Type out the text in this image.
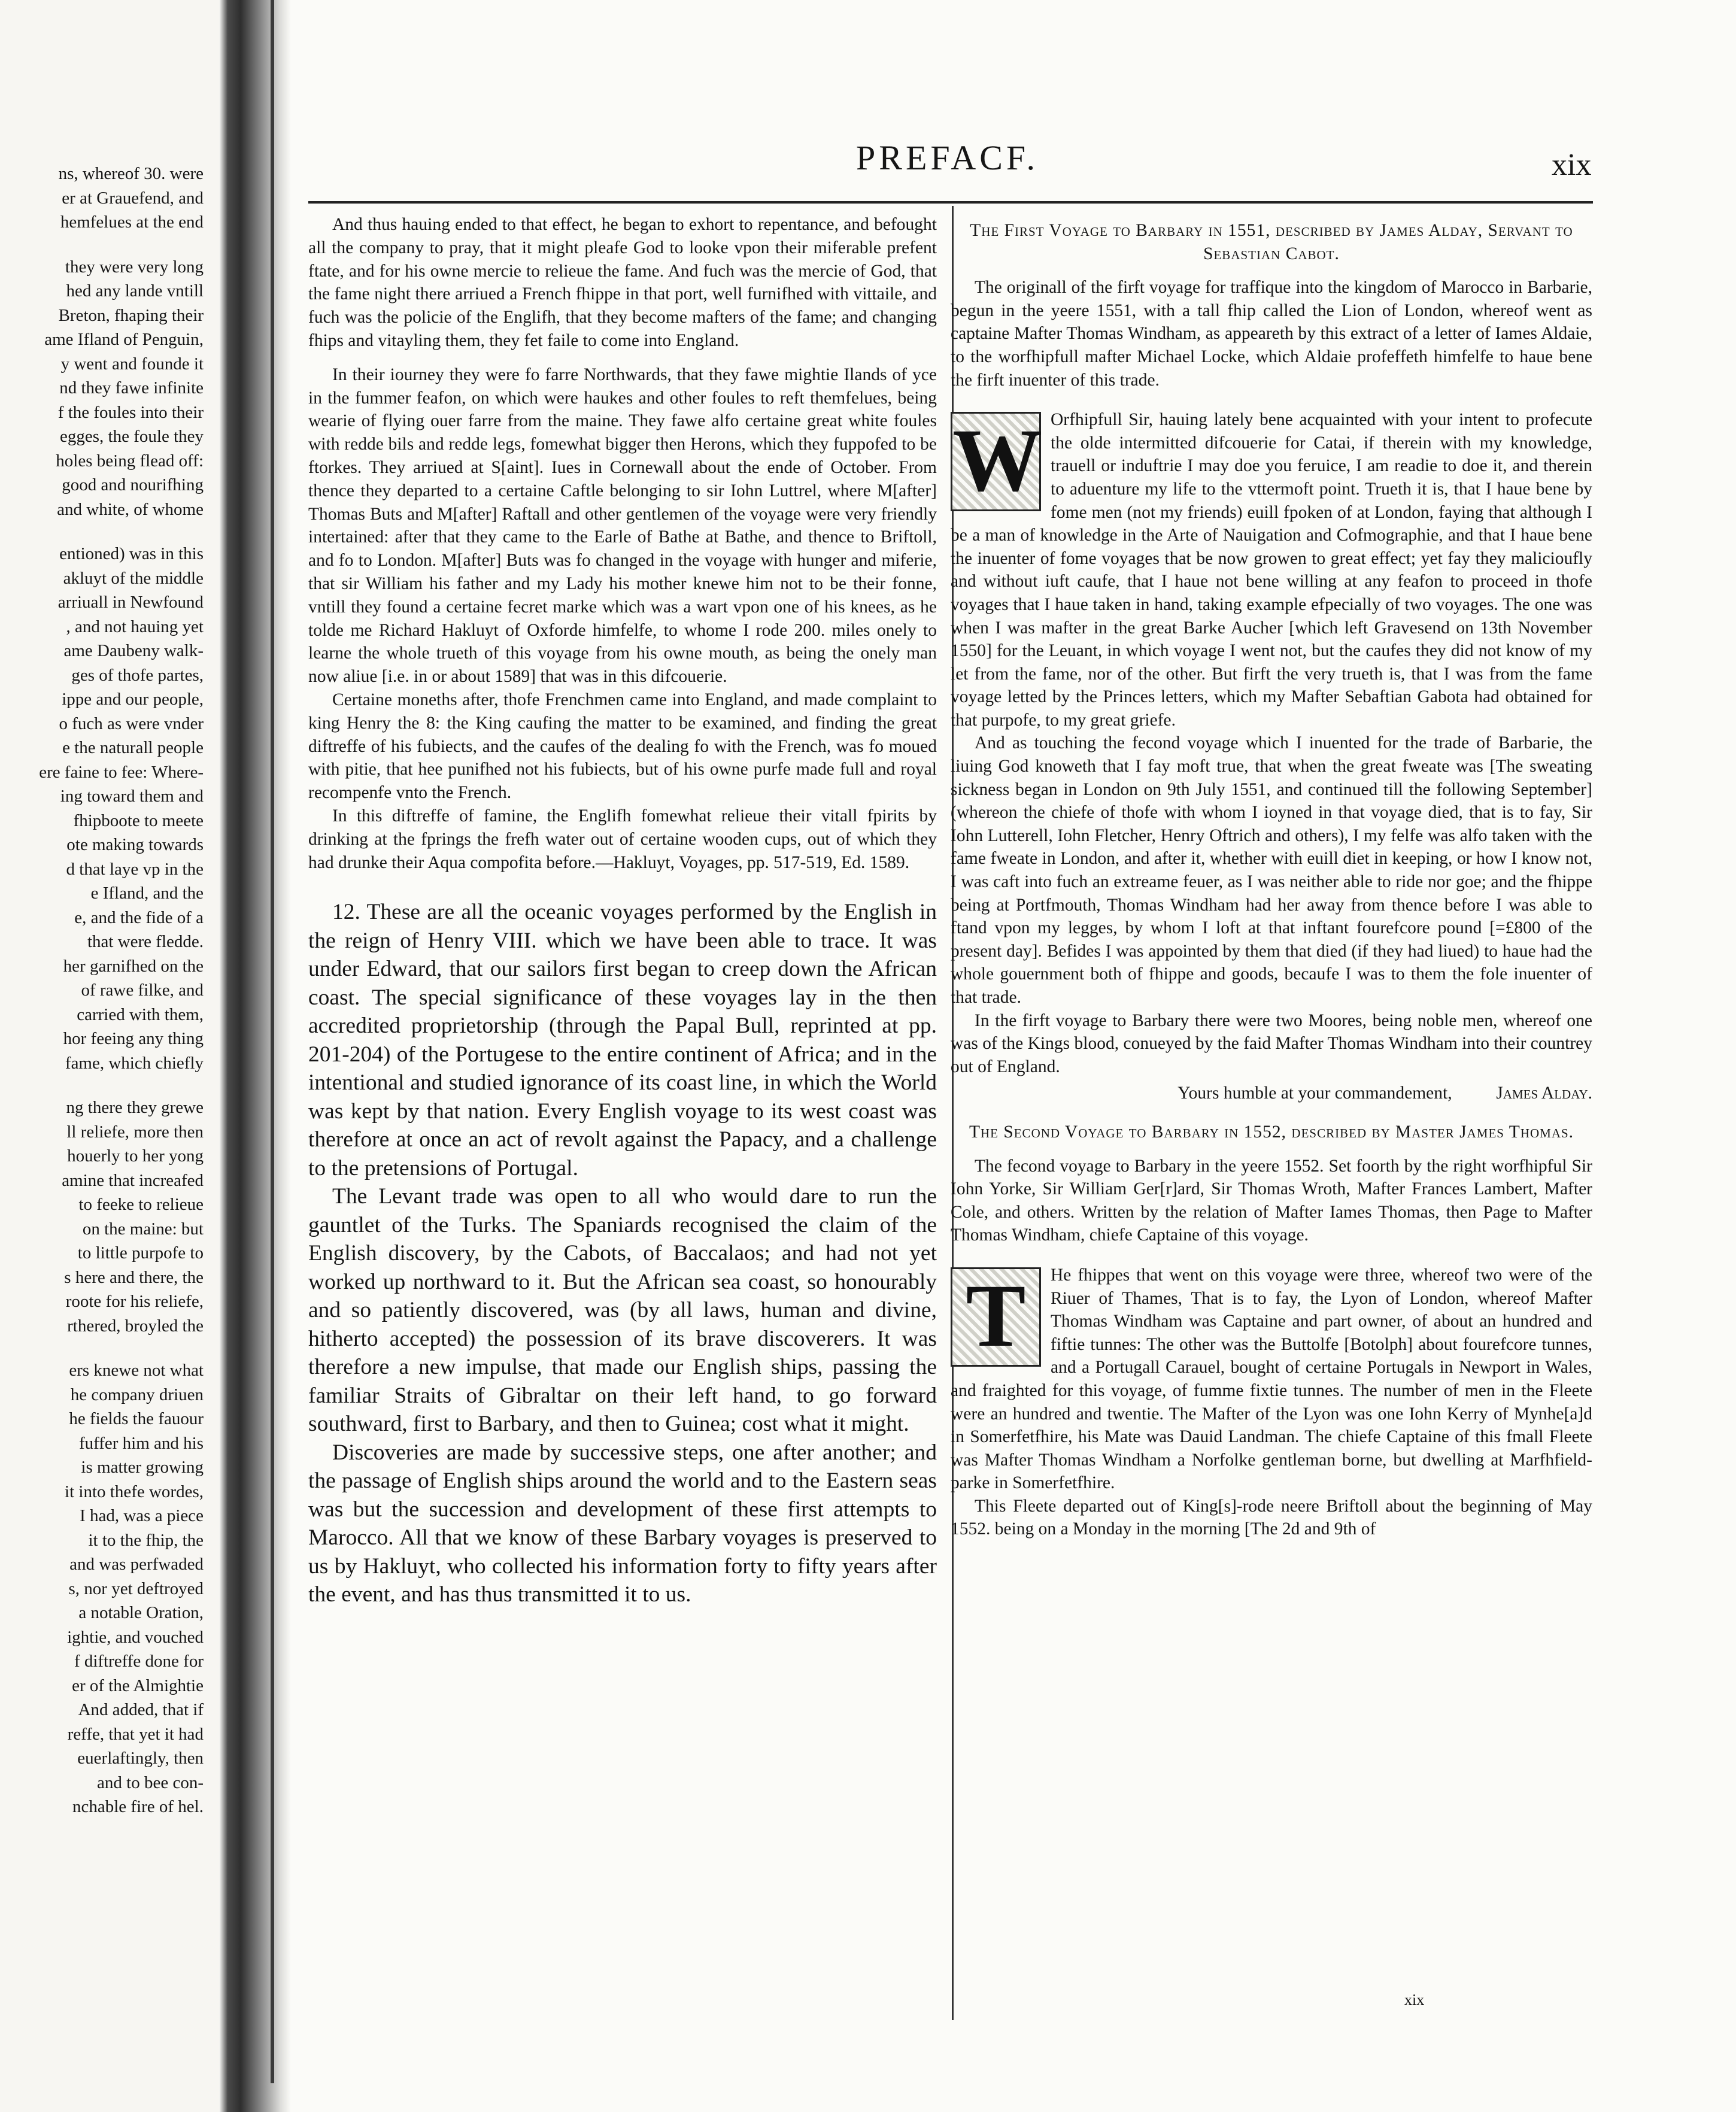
ns, whereof 30. were
er at Grauefend, and
hemfelues at the end
they were very long
hed any lande vntill
Breton, fhaping their
ame Ifland of Penguin,
y went and founde it
nd they fawe infinite
f the foules into their
egges, the foule they
holes being flead off:
good and nourifhing
and white, of whome
entioned) was in this
akluyt of the middle
arriuall in Newfound
, and not hauing yet
ame Daubeny walk-
ges of thofe partes,
ippe and our people,
o fuch as were vnder
e the naturall people
ere faine to fee: Where-
ing toward them and
fhipboote to meete
ote making towards
d that laye vp in the
e Ifland, and the
e, and the fide of a
that were fledde.
her garnifhed on the
of rawe filke, and
carried with them,
hor feeing any thing
fame, which chiefly
ng there they grewe
ll reliefe, more then
houerly to her yong
amine that increafed
to feeke to relieue
on the maine: but
to little purpofe to
s here and there, the
roote for his reliefe,
rthered, broyled the
ers knewe not what
he company driuen
he fields the fauour
fuffer him and his
is matter growing
it into thefe wordes,
I had, was a piece
it to the fhip, the
and was perfwaded
s, nor yet deftroyed
a notable Oration,
ightie, and vouched
f diftreffe done for
er of the Almightie
And added, that if
reffe, that yet it had
euerlaftingly, then
and to bee con-
nchable fire of hel.
PREFACF.	xix

And thus hauing ended to that effect, he began to exhort to repentance, and befought all the company to pray, that it might pleafe God to looke vpon their miferable prefent ftate, and for his owne mercie to relieue the fame. And fuch was the mercie of God, that the fame night there arriued a French fhippe in that port, well furnifhed with vittaile, and fuch was the policie of the Englifh, that they become mafters of the fame; and changing fhips and vitayling them, they fet faile to come into England.

In their iourney they were fo farre Northwards, that they fawe mightie Ilands of yce in the fummer feafon, on which were haukes and other foules to reft themfelues, being wearie of flying ouer farre from the maine. They fawe alfo certaine great white foules with redde bils and redde legs, fomewhat bigger then Herons, which they fuppofed to be ftorkes. They arriued at S[aint]. Iues in Cornewall about the ende of October. From thence they departed to a certaine Caftle belonging to sir Iohn Luttrel, where M[after] Thomas Buts and M[after] Raftall and other gentlemen of the voyage were very friendly intertained: after that they came to the Earle of Bathe at Bathe, and thence to Briftoll, and fo to London. M[after] Buts was fo changed in the voyage with hunger and miferie, that sir William his father and my Lady his mother knewe him not to be their fonne, vntill they found a certaine fecret marke which was a wart vpon one of his knees, as he tolde me Richard Hakluyt of Oxforde himfelfe, to whome I rode 200. miles onely to learne the whole trueth of this voyage from his owne mouth, as being the onely man now aliue [i.e. in or about 1589] that was in this difcouerie.

Certaine moneths after, thofe Frenchmen came into England, and made complaint to king Henry the 8: the King caufing the matter to be examined, and finding the great diftreffe of his fubiects, and the caufes of the dealing fo with the French, was fo moued with pitie, that hee punifhed not his fubiects, but of his owne purfe made full and royal recompenfe vnto the French.

In this diftreffe of famine, the Englifh fomewhat relieue their vitall fpirits by drinking at the fprings the frefh water out of certaine wooden cups, out of which they had drunke their Aqua compofita before.—Hakluyt, Voyages, pp. 517-519, Ed. 1589.

12. These are all the oceanic voyages performed by the English in the reign of Henry VIII. which we have been able to trace. It was under Edward, that our sailors first began to creep down the African coast. The special significance of these voyages lay in the then accredited proprietorship (through the Papal Bull, reprinted at pp. 201-204) of the Portugese to the entire continent of Africa; and in the intentional and studied ignorance of its coast line, in which the World was kept by that nation. Every English voyage to its west coast was therefore at once an act of revolt against the Papacy, and a challenge to the pretensions of Portugal.

The Levant trade was open to all who would dare to run the gauntlet of the Turks. The Spaniards recognised the claim of the English discovery, by the Cabots, of Baccalaos; and had not yet worked up northward to it. But the African sea coast, so honourably and so patiently discovered, was (by all laws, human and divine, hitherto accepted) the possession of its brave discoverers. It was therefore a new impulse, that made our English ships, passing the familiar Straits of Gibraltar on their left hand, to go forward southward, first to Barbary, and then to Guinea; cost what it might.

Discoveries are made by successive steps, one after another; and the passage of English ships around the world and to the Eastern seas was but the succession and development of these first attempts to Marocco. All that we know of these Barbary voyages is preserved to us by Hakluyt, who collected his information forty to fifty years after the event, and has thus transmitted it to us.

The First Voyage to Barbary in 1551, described by James Alday, Servant to Sebastian Cabot.

The originall of the firft voyage for traffique into the kingdom of Marocco in Barbarie, begun in the yeere 1551, with a tall fhip called the Lion of London, whereof went as captaine Mafter Thomas Windham, as appeareth by this extract of a letter of Iames Aldaie, to the worfhipfull mafter Michael Locke, which Aldaie profeffeth himfelfe to haue bene the firft inuenter of this trade.

W Orfhipfull Sir, hauing lately bene acquainted with your intent to profecute the olde intermitted difcouerie for Catai, if therein with my knowledge, trauell or induftrie I may doe you feruice, I am readie to doe it, and therein to aduenture my life to the vttermoft point. Trueth it is, that I haue bene by fome men (not my friends) euill fpoken of at London, faying that although I be a man of knowledge in the Arte of Nauigation and Cofmographie, and that I haue bene the inuenter of fome voyages that be now growen to great effect; yet fay they malicioufly and without iuft caufe, that I haue not bene willing at any feafon to proceed in thofe voyages that I haue taken in hand, taking example efpecially of two voyages. The one was when I was mafter in the great Barke Aucher [which left Gravesend on 13th November 1550] for the Leuant, in which voyage I went not, but the caufes they did not know of my let from the fame, nor of the other. But firft the very trueth is, that I was from the fame voyage letted by the Princes letters, which my Mafter Sebaftian Gabota had obtained for that purpofe, to my great griefe.

And as touching the fecond voyage which I inuented for the trade of Barbarie, the liuing God knoweth that I fay moft true, that when the great fweate was [The sweating sickness began in London on 9th July 1551, and continued till the following September] (whereon the chiefe of thofe with whom I ioyned in that voyage died, that is to fay, Sir Iohn Lutterell, Iohn Fletcher, Henry Oftrich and others), I my felfe was alfo taken with the fame fweate in London, and after it, whether with euill diet in keeping, or how I know not, I was caft into fuch an extreame feuer, as I was neither able to ride nor goe; and the fhippe being at Portfmouth, Thomas Windham had her away from thence before I was able to ftand vpon my legges, by whom I loft at that inftant fourefcore pound [=£800 of the present day]. Befides I was appointed by them that died (if they had liued) to haue had the whole gouernment both of fhippe and goods, becaufe I was to them the fole inuenter of that trade.

In the firft voyage to Barbary there were two Moores, being noble men, whereof one was of the Kings blood, conueyed by the faid Mafter Thomas Windham into their countrey out of England.

Yours humble at your commandement,	James Alday.

The Second Voyage to Barbary in 1552, described by Master James Thomas.

The fecond voyage to Barbary in the yeere 1552. Set foorth by the right worfhipful Sir Iohn Yorke, Sir William Ger[r]ard, Sir Thomas Wroth, Mafter Frances Lambert, Mafter Cole, and others. Written by the relation of Mafter Iames Thomas, then Page to Mafter Thomas Windham, chiefe Captaine of this voyage.

T	He fhippes that went on this voyage were three, whereof two were of the Riuer of Thames, That is to fay, the Lyon of London, whereof Mafter Thomas Windham was Captaine and part owner, of about an hundred and fiftie tunnes: The other was the Buttolfe [Botolph] about fourefcore tunnes, and a Portugall Carauel, bought of certaine Portugals in Newport in Wales, and fraighted for this voyage, of fumme fixtie tunnes. The number of men in the Fleete were an hundred and twentie. The Mafter of the Lyon was one Iohn Kerry of Mynhe[a]d in Somerfetfhire, his Mate was Dauid Landman. The chiefe Captaine of this fmall Fleete was Mafter Thomas Windham a Norfolke gentleman borne, but dwelling at Marfhfield-parke in Somerfetfhire.

This Fleete departed out of King[s]-rode neere Briftoll about the beginning of May 1552. being on a Monday in the morning [The 2d and 9th of

xix
